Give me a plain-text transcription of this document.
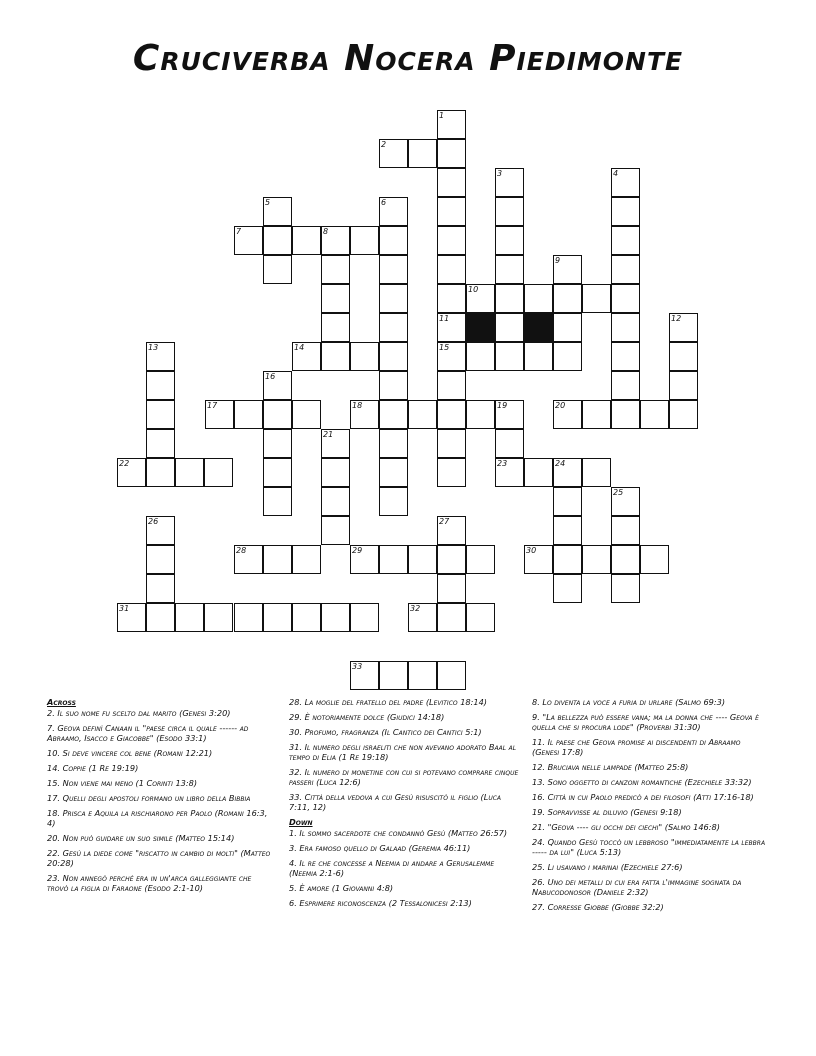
Cruciverba Nocera Piedimonte
1
2
3	4
5	6
7	8
9
10
11	12
13	14	15
16
17	18	19
23
20
21
22	24
25
26	27
28	29	30
31	32
33
Across
2. Il suo nome fu scelto dal marito (Genesi 3:20)
7. Geova definì Canaan il "paese circa il quale ------ ad Abraamo, Isacco e Giacobbe" (Esodo 33:1)
10. Si deve vincere col bene (Romani 12:21)
14. Coppie (1 Re 19:19)
15. Non viene mai meno (1 Corinti 13:8)
17. Quelli degli apostoli formano un libro della Bibbia
18. Prisca e Aquila la rischiarono per Paolo (Romani 16:3, 4)
20. Non può guidare un suo simile (Matteo 15:14)
22. Gesù la diede come "riscatto in cambio di molti" (Matteo 20:28)
23. Non annegò perché era in un'arca galleggiante che trovò la figlia di Faraone (Esodo 2:1-10)
28. La moglie del fratello del padre (Levitico 18:14)
29. È notoriamente dolce (Giudici 14:18)
30. Profumo, fragranza (Il Cantico dei Cantici 5:1)
31. Il numero degli israeliti che non avevano adorato Baal al tempo di Elia (1 Re 19:18)
32. Il numero di monetine con cui si potevano comprare cinque passeri (Luca 12:6)
33. Città della vedova a cui Gesù risuscitò il figlio (Luca 7:11, 12)
Down
1. Il sommo sacerdote che condannò Gesù (Matteo 26:57)
3. Era famoso quello di Galaad (Geremia 46:11)
4. Il re che concesse a Neemia di andare a Gerusalemme (Neemia 2:1-6)
5. È amore (1 Giovanni 4:8)
6. Esprimere riconoscenza (2 Tessalonicesi 2:13)
8. Lo diventa la voce a furia di urlare (Salmo 69:3)
9. "La bellezza può essere vana; ma la donna che ---- Geova è quella che si procura lode" (Proverbi 31:30)
11. Il paese che Geova promise ai discendenti di Abraamo (Genesi 17:8)
12. Bruciava nelle lampade (Matteo 25:8)
13. Sono oggetto di canzoni romantiche (Ezechiele 33:32)
16. Città in cui Paolo predicò a dei filosofi (Atti 17:16-18)
19. Sopravvisse al diluvio (Genesi 9:18)
21. "Geova ---- gli occhi dei ciechi" (Salmo 146:8)
24. Quando Gesù toccò un lebbroso "immediatamente la lebbra ----- da lui" (Luca 5:13)
25. Li usavano i marinai (Ezechiele 27:6)
26. Uno dei metalli di cui era fatta l'immagine sognata da Nabucodonosor (Daniele 2:32)
27. Corresse Giobbe (Giobbe 32:2)
